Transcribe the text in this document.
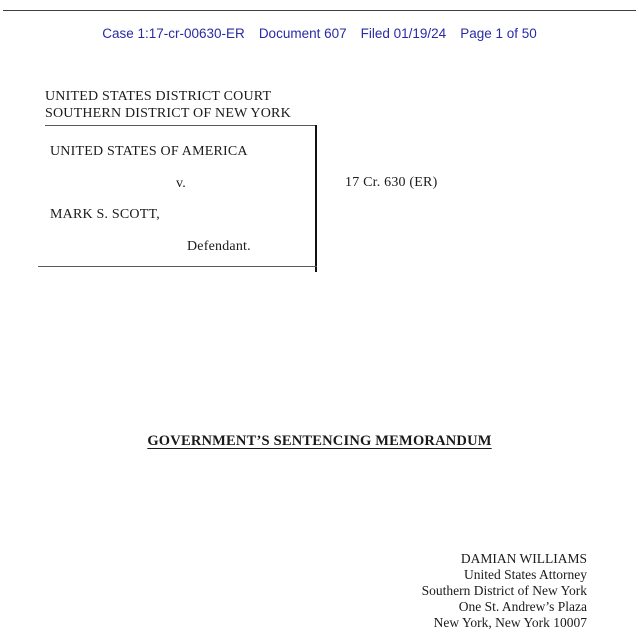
Case 1:17-cr-00630-ER Document 607 Filed 01/19/24 Page 1 of 50
UNITED STATES DISTRICT COURT
SOUTHERN DISTRICT OF NEW YORK
UNITED STATES OF AMERICA
v.	17 Cr. 630 (ER)
MARK S. SCOTT,
Defendant.
GOVERNMENT’S SENTENCING MEMORANDUM
DAMIAN WILLIAMS
United States Attorney
Southern District of New York
One St. Andrew’s Plaza
New York, New York 10007
